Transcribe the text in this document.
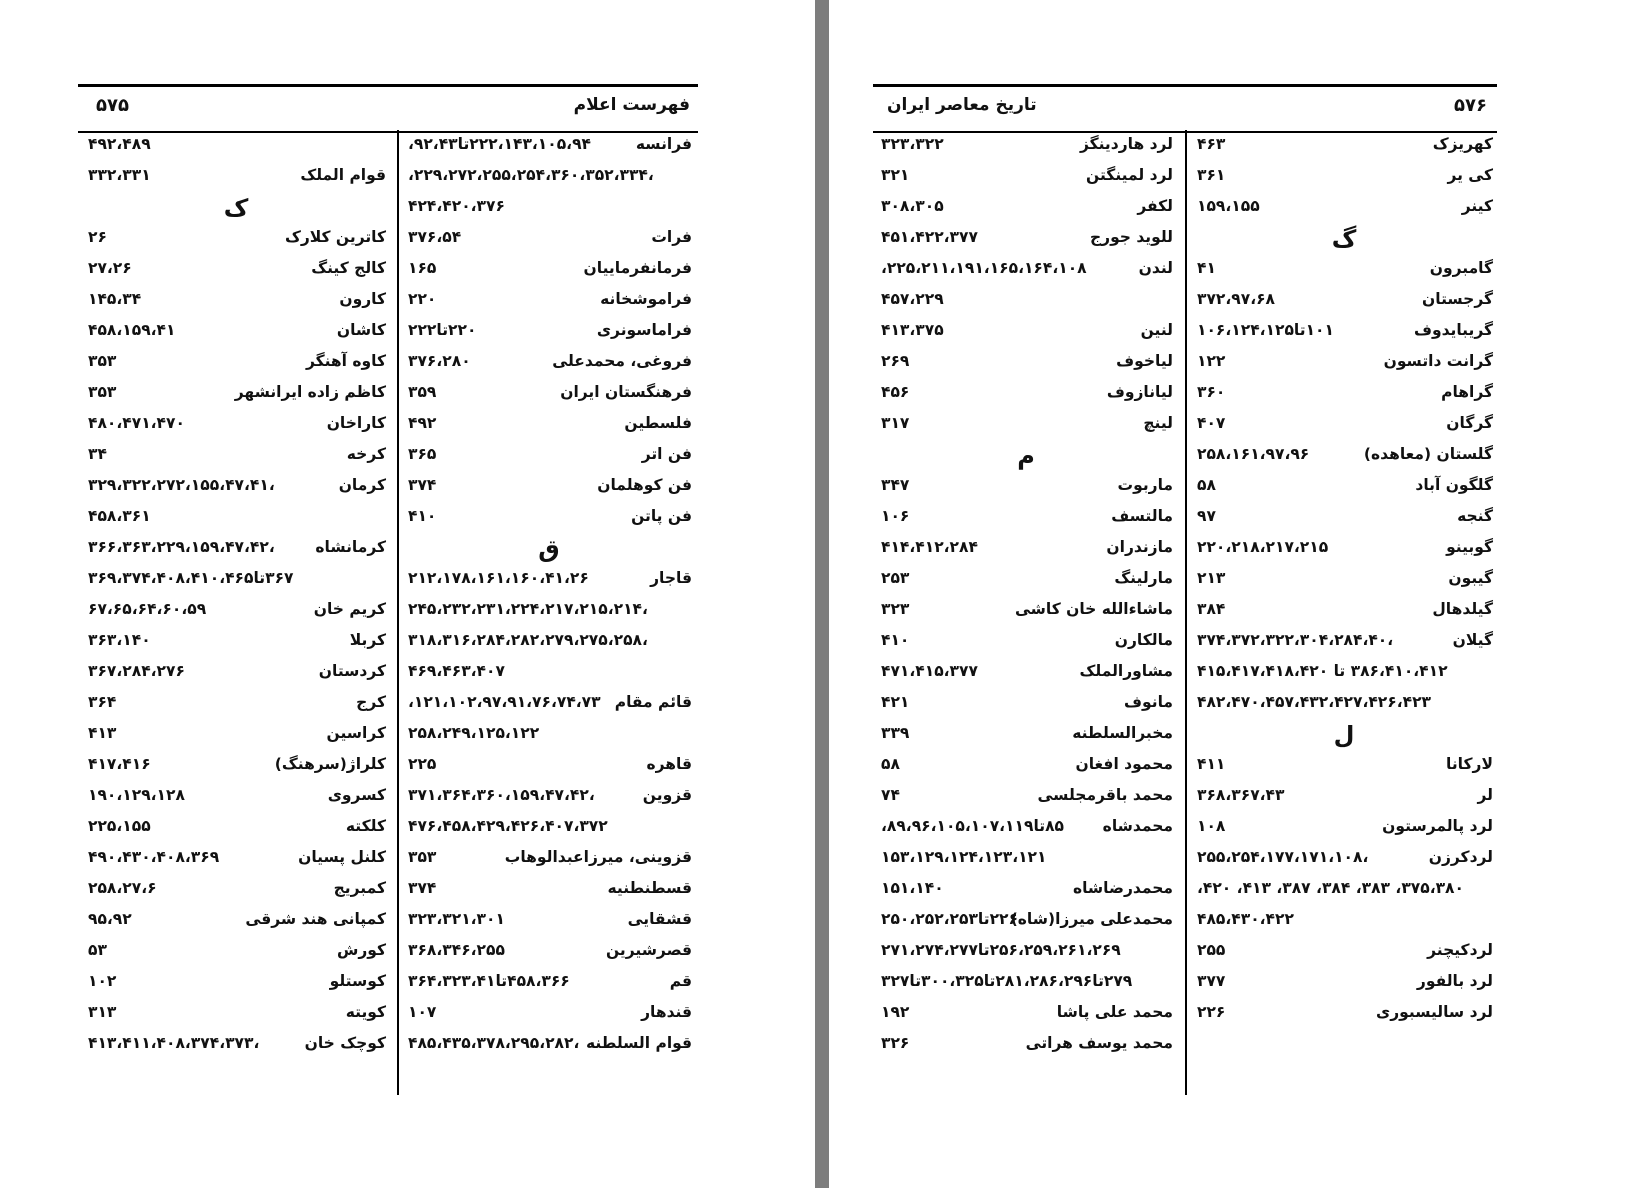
فهرست اعلام
۵۷۵
فرانسه
۲۲۲،۱۴۳،۱۰۵،۹۴تا۹۲،۴۳،
،۲۲۹،۲۷۲،۲۵۵،۲۵۴،۳۶۰،۳۵۲،۳۳۴،
۴۲۴،۴۲۰،۳۷۶
فرات
۳۷۶،۵۴
فرمانفرماییان
۱۶۵
فراموشخانه
۲۲۰
فراماسونری
۲۲۰تا۲۲۲
فروغی، محمدعلی
۳۷۶،۲۸۰
فرهنگستان ایران
۳۵۹
فلسطین
۴۹۲
فن اتر
۳۶۵
فن کوهلمان
۳۷۴
فن پاتن
۴۱۰
ق
قاجار
۲۱۲،۱۷۸،۱۶۱،۱۶۰،۴۱،۲۶
،۲۴۵،۲۳۲،۲۳۱،۲۲۴،۲۱۷،۲۱۵،۲۱۴
،۳۱۸،۳۱۶،۲۸۴،۲۸۲،۲۷۹،۲۷۵،۲۵۸
۴۶۹،۴۶۳،۴۰۷
قائم مقام
۱۲۱،۱۰۲،۹۷،۹۱،۷۶،۷۴،۷۳،
۲۵۸،۲۴۹،۱۲۵،۱۲۲
قاهره
۲۲۵
قزوین
،۳۷۱،۳۶۴،۳۶۰،۱۵۹،۴۷،۴۲
۴۷۶،۴۵۸،۴۲۹،۴۲۶،۴۰۷،۳۷۲
قزوینی، میرزاعبدالوهاب
۳۵۳
قسطنطنیه
۳۷۴
قشقایی
۳۲۳،۳۲۱،۳۰۱
قصرشیرین
۳۶۸،۳۴۶،۲۵۵
قم
۴۵۸،۳۶۶تا۳۶۴،۳۲۳،۴۱
قندهار
۱۰۷
قوام السلطنه
،۴۸۵،۴۳۵،۳۷۸،۲۹۵،۲۸۲
۴۹۲،۴۸۹
قوام الملک
۳۳۲،۳۳۱
ک
کاترین کلارک
۲۶
کالج کینگ
۲۷،۲۶
کارون
۱۴۵،۳۴
کاشان
۴۵۸،۱۵۹،۴۱
کاوه آهنگر
۳۵۳
کاظم زاده ایرانشهر
۳۵۳
کاراخان
۴۸۰،۴۷۱،۴۷۰
کرخه
۳۴
کرمان
،۳۲۹،۳۲۲،۲۷۲،۱۵۵،۴۷،۴۱
۴۵۸،۳۶۱
کرمانشاه
،۳۶۶،۳۶۳،۲۲۹،۱۵۹،۴۷،۴۲
۳۶۷تا۳۶۹،۳۷۴،۴۰۸،۴۱۰،۴۶۵
کریم خان
۶۷،۶۵،۶۴،۶۰،۵۹
کربلا
۳۶۳،۱۴۰
کردستان
۳۶۷،۲۸۴،۲۷۶
کرج
۳۶۴
کراسین
۴۱۳
کلراژ(سرهنگ)
۴۱۷،۴۱۶
کسروی
۱۹۰،۱۲۹،۱۲۸
کلکته
۲۲۵،۱۵۵
کلنل پسیان
۴۹۰،۴۳۰،۴۰۸،۳۶۹
کمبریج
۲۵۸،۲۷،۶
کمپانی هند شرقی
۹۵،۹۲
کورش
۵۳
کوستلو
۱۰۲
کویته
۳۱۳
کوچک خان
،۴۱۳،۴۱۱،۴۰۸،۳۷۴،۳۷۳
تاریخ معاصر ایران	۵۷۶
کهریزک
۴۶۳
کی یر
۳۶۱
کینر
۱۵۹،۱۵۵
گ
گامبرون
۴۱
گرجستان
۳۷۲،۹۷،۶۸
گریبایدوف
۱۰۱تا۱۰۶،۱۲۴،۱۲۵
گرانت داتسون
۱۲۲
گراهام
۳۶۰
گرگان
۴۰۷
گلستان (معاهده)
۲۵۸،۱۶۱،۹۷،۹۶
گلگون آباد
۵۸
گنجه
۹۷
گوبینو
۲۲۰،۲۱۸،۲۱۷،۲۱۵
گیبون
۲۱۳
گیلدهال
۳۸۴
گیلان
،۳۷۴،۳۷۲،۳۲۲،۳۰۴،۲۸۴،۴۰
۳۸۶،۴۱۰،۴۱۲ تا ۴۱۵،۴۱۷،۴۱۸،۴۲۰
۴۸۲،۴۷۰،۴۵۷،۴۳۲،۴۲۷،۴۲۶،۴۲۳
ل
لارکانا
۴۱۱
لر
۳۶۸،۳۶۷،۴۳
لرد پالمرستون
۱۰۸
لردکرزن
،۲۵۵،۲۵۴،۱۷۷،۱۷۱،۱۰۸
۳۷۵،۳۸۰، ۳۸۳، ۳۸۴، ۳۸۷، ۴۱۳، ۴۲۰،
۴۸۵،۴۳۰،۴۲۲
لردکیچنر
۲۵۵
لرد بالفور
۳۷۷
لرد سالیسبوری
۲۲۶
لرد هاردینگز
۳۲۳،۳۲۲
لرد لمینگتن
۳۲۱
لکفر
۳۰۸،۳۰۵
للوید جورج
۴۵۱،۴۲۲،۳۷۷
لندن
۲۲۵،۲۱۱،۱۹۱،۱۶۵،۱۶۴،۱۰۸،
۴۵۷،۲۲۹
لنین
۴۱۳،۳۷۵
لیاخوف
۲۶۹
لیانازوف
۴۵۶
لینچ
۳۱۷
م
ماربوت
۳۴۷
مالتسف
۱۰۶
مازندران
۴۱۴،۴۱۲،۲۸۴
مارلینگ
۲۵۳
ماشاءالله خان کاشی
۳۲۳
مالکارن
۴۱۰
مشاورالملک
۴۷۱،۴۱۵،۳۷۷
مانوف
۴۲۱
مخبرالسلطنه
۳۳۹
محمود افغان
۵۸
محمد باقرمجلسی
۷۴
محمدشاه
۸۵تا۸۹،۹۶،۱۰۵،۱۰۷،۱۱۹،
۱۵۳،۱۲۹،۱۲۴،۱۲۳،۱۲۱
محمدرضاشاه
۱۵۱،۱۴۰
محمدعلی میرزا(شاه)
۲۲۶تا۲۵۰،۲۵۲،۲۵۳
۲۵۶،۲۵۹،۲۶۱،۲۶۹تا۲۷۱،۲۷۴،۲۷۷
۲۷۹تا۲۸۱،۲۸۶،۲۹۶تا۳۰۰،۳۲۵تا۳۲۷
محمد علی پاشا
۱۹۲
محمد یوسف هراتی
۳۲۶
